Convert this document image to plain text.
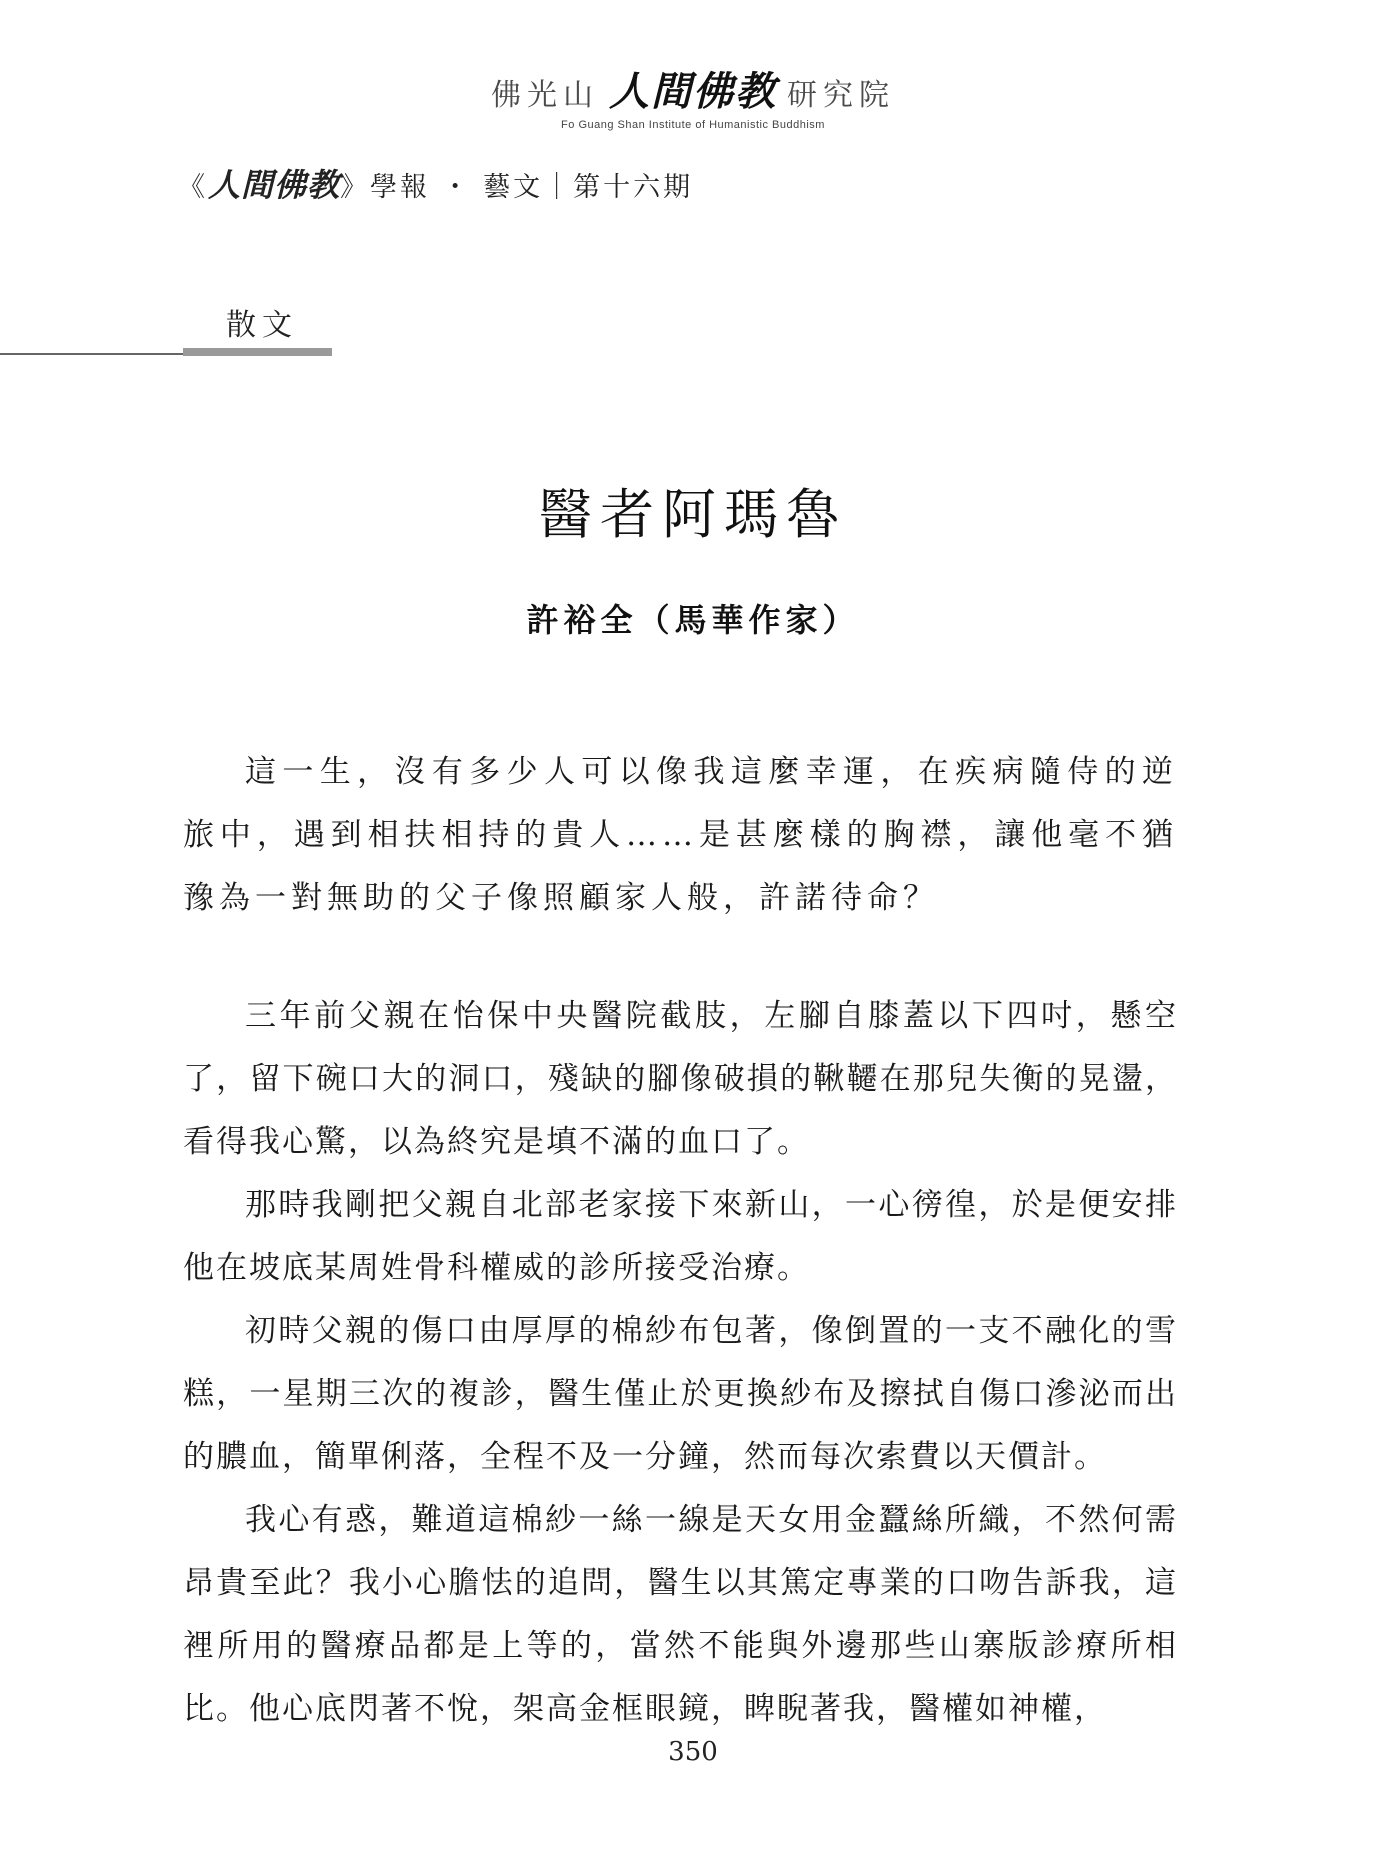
佛光山 人間佛教 研究院
Fo Guang Shan Institute of Humanistic Buddhism
《人間佛教》學報 ・ 藝文｜第十六期
散文
醫者阿瑪魯
許裕全（馬華作家）

這一生，沒有多少人可以像我這麼幸運，在疾病隨侍的逆旅中，遇到相扶相持的貴人……是甚麼樣的胸襟，讓他毫不猶豫為一對無助的父子像照顧家人般，許諾待命？

三年前父親在怡保中央醫院截肢，左腳自膝蓋以下四吋，懸空了，留下碗口大的洞口，殘缺的腳像破損的鞦韆在那兒失衡的晃盪，看得我心驚，以為終究是填不滿的血口了。

那時我剛把父親自北部老家接下來新山，一心徬徨，於是便安排他在坡底某周姓骨科權威的診所接受治療。

初時父親的傷口由厚厚的棉紗布包著，像倒置的一支不融化的雪糕，一星期三次的複診，醫生僅止於更換紗布及擦拭自傷口滲泌而出的膿血，簡單俐落，全程不及一分鐘，然而每次索費以天價計。

我心有惑，難道這棉紗一絲一線是天女用金蠶絲所織，不然何需昂貴至此？我小心膽怯的追問，醫生以其篤定專業的口吻告訴我，這裡所用的醫療品都是上等的，當然不能與外邊那些山寨版診療所相比。他心底閃著不悅，架高金框眼鏡，睥睨著我，醫權如神權，

350
